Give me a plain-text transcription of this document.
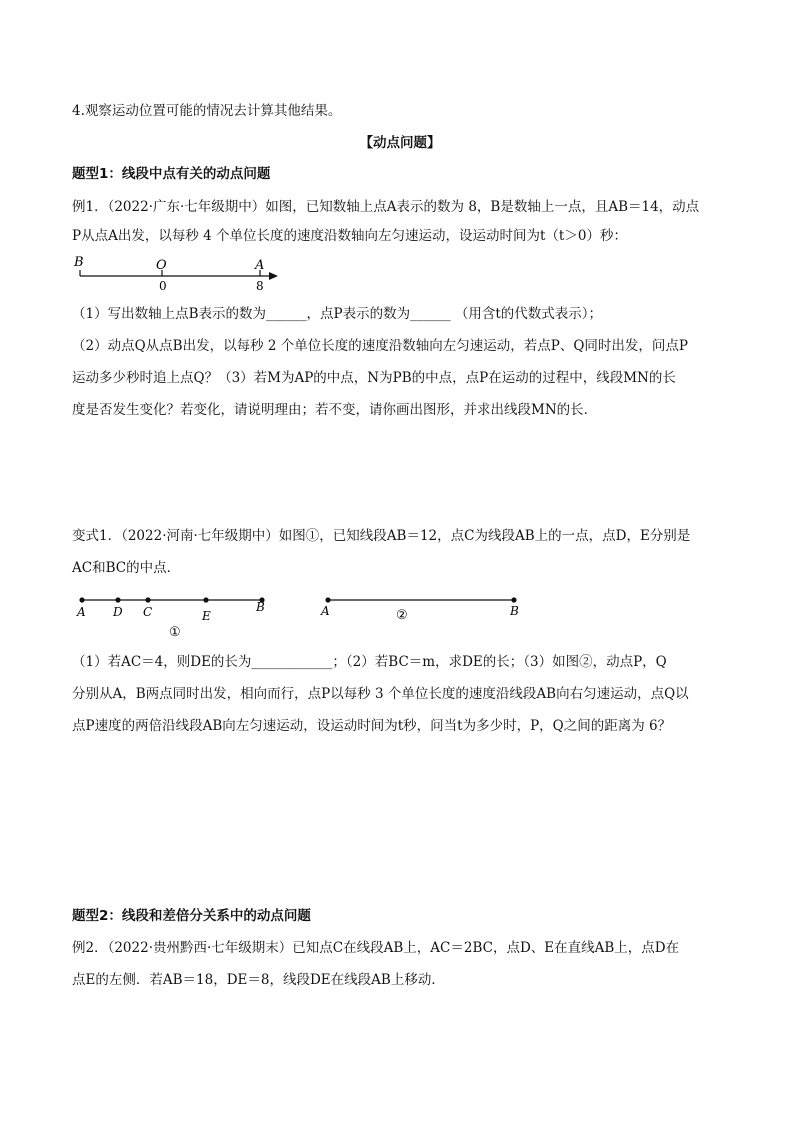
4.观察运动位置可能的情况去计算其他结果。
【动点问题】
题型1：线段中点有关的动点问题
例1．（2022·广东·七年级期中）如图，已知数轴上点A表示的数为 8，B是数轴上一点，且AB＝14，动点
P从点A出发，以每秒 4 个单位长度的速度沿数轴向左匀速运动，设运动时间为t（t＞0）秒：
B	O	A
0	8
（1）写出数轴上点B表示的数为______，点P表示的数为______ （用含t的代数式表示）；
（2）动点Q从点B出发，以每秒 2 个单位长度的速度沿数轴向左匀速运动，若点P、Q同时出发，问点P
运动多少秒时追上点Q？（3）若M为AP的中点，N为PB的中点，点P在运动的过程中，线段MN的长
度是否发生变化？若变化，请说明理由；若不变，请你画出图形，并求出线段MN的长．
变式1．（2022·河南·七年级期中）如图①，已知线段AB＝12，点C为线段AB上的一点，点D，E分别是
AC和BC的中点．
A D C	E
B
①
A	B
②
（1）若AC＝4，则DE的长为____________；（2）若BC＝m，求DE的长；（3）如图②，动点P，Q
分别从A，B两点同时出发，相向而行，点P以每秒 3 个单位长度的速度沿线段AB向右匀速运动，点Q以
点P速度的两倍沿线段AB向左匀速运动，设运动时间为t秒，问当t为多少时，P，Q之间的距离为 6？
题型2：线段和差倍分关系中的动点问题
例2．（2022·贵州黔西·七年级期末）已知点C在线段AB上，AC＝2BC，点D、E在直线AB上，点D在
点E的左侧．若AB＝18，DE＝8，线段DE在线段AB上移动．
